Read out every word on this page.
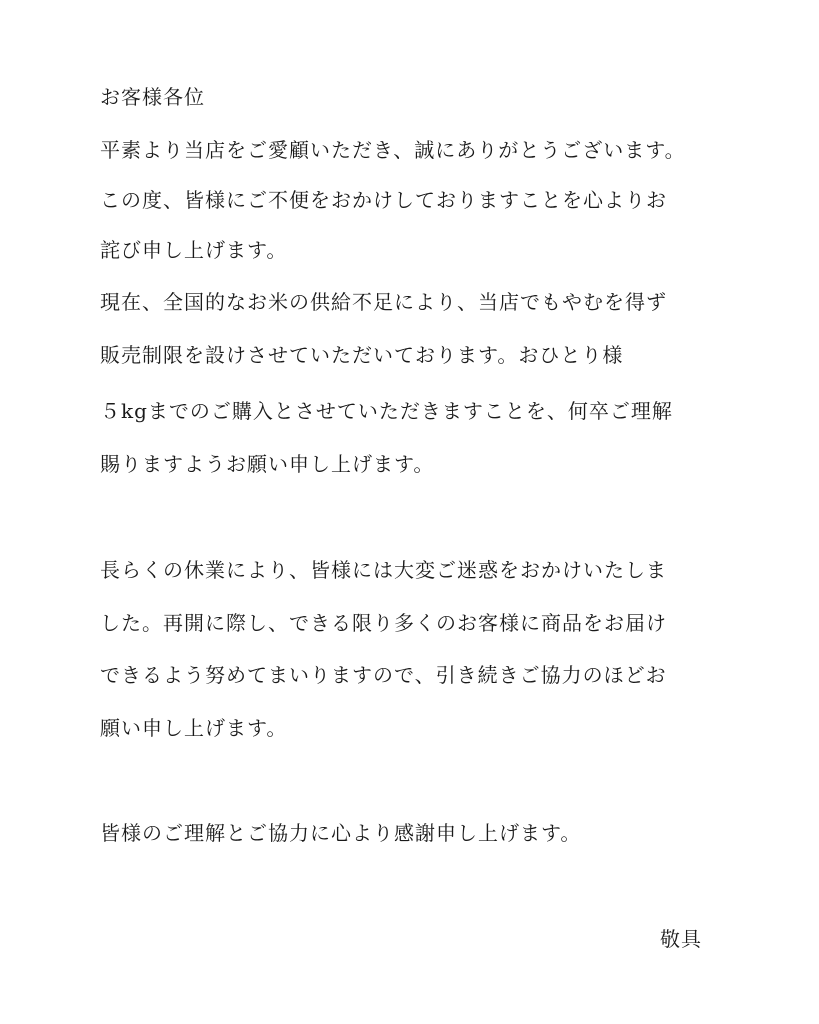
お客様各位
平素より当店をご愛顧いただき、誠にありがとうございます。
この度、皆様にご不便をおかけしておりますことを心よりお
詫び申し上げます。
現在、全国的なお米の供給不足により、当店でもやむを得ず
販売制限を設けさせていただいております。おひとり様
５kgまでのご購入とさせていただきますことを、何卒ご理解
賜りますようお願い申し上げます。
長らくの休業により、皆様には大変ご迷惑をおかけいたしま
した。再開に際し、できる限り多くのお客様に商品をお届け
できるよう努めてまいりますので、引き続きご協力のほどお
願い申し上げます。
皆様のご理解とご協力に心より感謝申し上げます。
敬具
